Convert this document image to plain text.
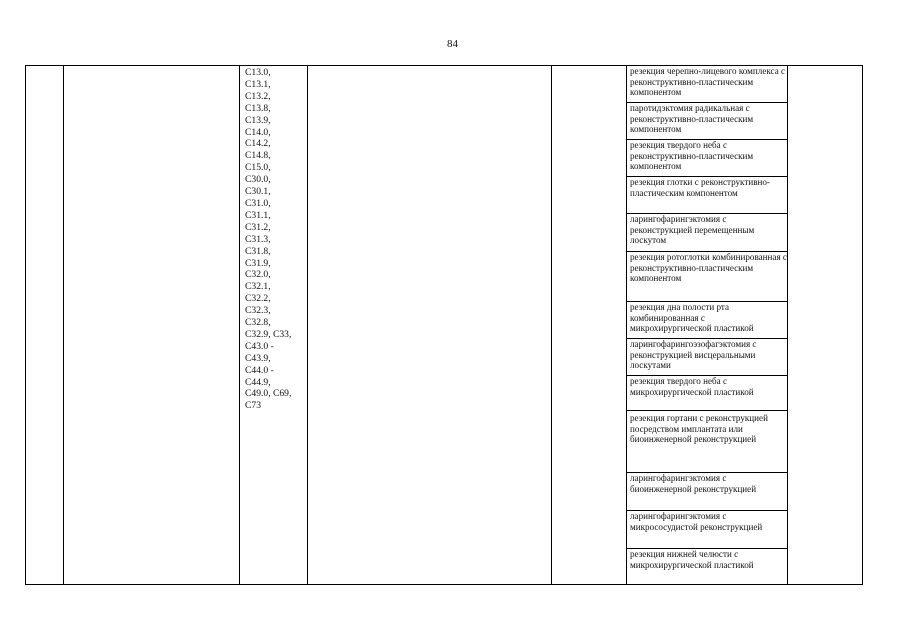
84
C13.0,
C13.1,
C13.2,
C13.8,
C13.9,
C14.0,
C14.2,
C14.8,
C15.0,
C30.0,
C30.1,
C31.0,
C31.1,
C31.2,
C31.3,
C31.8,
C31.9,
C32.0,
C32.1,
C32.2,
C32.3,
C32.8,
C32.9, C33,
C43.0 -
C43.9,
C44.0 -
C44.9,
C49.0, C69,
C73
резекция черепно-лицевого комплекса с реконструктивно-пластическим компонентом
паротидэктомия радикальная с реконструктивно-пластическим компонентом
резекция твердого неба с реконструктивно-пластическим компонентом
резекция глотки с реконструктивно-пластическим компонентом
ларингофарингэктомия с реконструкцией перемещенным лоскутом
резекция ротоглотки комбинированная с реконструктивно-пластическим компонентом
резекция дна полости рта комбинированная с микрохирургической пластикой
ларингофарингоэзофагэктомия с реконструкцией висцеральными лоскутами
резекция твердого неба с микрохирургической пластикой
резекция гортани с реконструкцией посредством имплантата или биоинженерной реконструкцией
ларингофарингэктомия с биоинженерной реконструкцией
ларингофарингэктомия с микрососудистой реконструкцией
резекция нижней челюсти с микрохирургической пластикой
